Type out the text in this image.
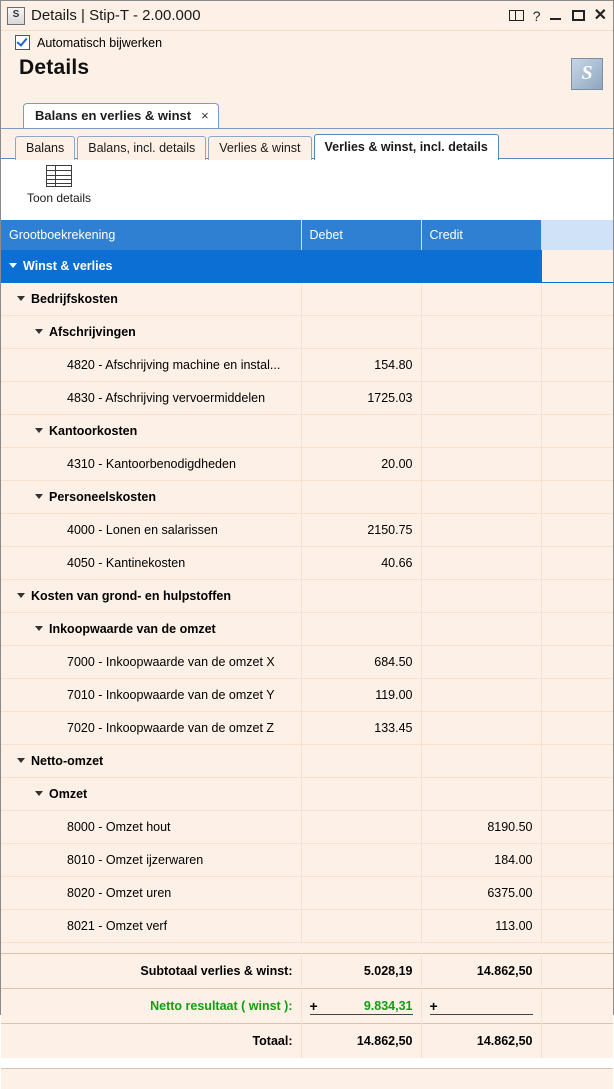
S Details | Stip-T - 2.00.000	?	✕
Automatisch bijwerken
Details	S
Balans en verlies & winst ×
Balans	Balans, incl. details	Verlies & winst	Verlies & winst, incl. details
Toon details
Grootboekrekening	Debet	Credit	
Winst & verlies			
Bedrijfskosten			
Afschrijvingen			
4820 - Afschrijving machine en instal...	154.80		
4830 - Afschrijving vervoermiddelen	1725.03		
Kantoorkosten			
4310 - Kantoorbenodigdheden	20.00		
Personeelskosten			
4000 - Lonen en salarissen	2150.75		
4050 - Kantinekosten	40.66		
Kosten van grond- en hulpstoffen			
Inkoopwaarde van de omzet			
7000 - Inkoopwaarde van de omzet X	684.50		
7010 - Inkoopwaarde van de omzet Y	119.00		
7020 - Inkoopwaarde van de omzet Z	133.45		
Netto-omzet			
Omzet			
8000 - Omzet hout		8190.50	
8010 - Omzet ijzerwaren		184.00	
8020 - Omzet uren		6375.00	
8021 - Omzet verf		113.00	
Subtotaal verlies & winst:	5.028,19	14.862,50	
Netto resultaat ( winst ):	+ 9.834,31	+	

Totaal:	14.862,50	14.862,50	
